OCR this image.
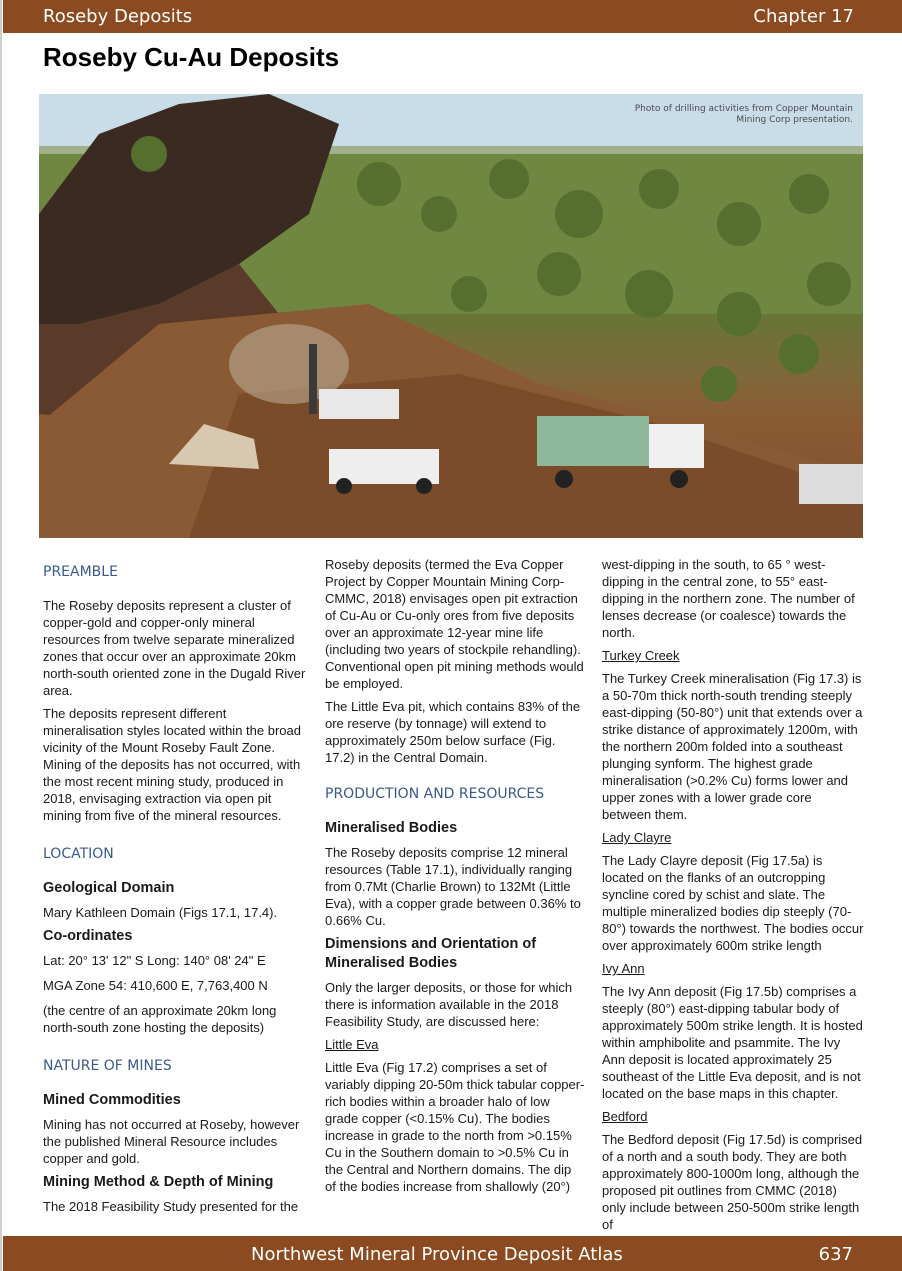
Roseby Deposits	Chapter 17
Roseby Cu-Au Deposits
Photo of drilling activities from Copper Mountain Mining Corp presentation.
PREAMBLE

The Roseby deposits represent a cluster of copper-gold and copper-only mineral resources from twelve separate mineralized zones that occur over an approximate 20km north-south oriented zone in the Dugald River area.

The deposits represent different mineralisation styles located within the broad vicinity of the Mount Roseby Fault Zone. Mining of the deposits has not occurred, with the most recent mining study, produced in 2018, envisaging extraction via open pit mining from five of the mineral resources.

LOCATION
Geological Domain

Mary Kathleen Domain (Figs 17.1, 17.4).

Co-ordinates

Lat: 20° 13' 12" S Long: 140° 08' 24" E

MGA Zone 54: 410,600 E, 7,763,400 N

(the centre of an approximate 20km long north-south zone hosting the deposits)

NATURE OF MINES
Mined Commodities

Mining has not occurred at Roseby, however the published Mineral Resource includes copper and gold.

Mining Method & Depth of Mining

The 2018 Feasibility Study presented for the

Roseby deposits (termed the Eva Copper Project by Copper Mountain Mining Corp-CMMC, 2018) envisages open pit extraction of Cu-Au or Cu-only ores from five deposits over an approximate 12-year mine life (including two years of stockpile rehandling). Conventional open pit mining methods would be employed.

The Little Eva pit, which contains 83% of the ore reserve (by tonnage) will extend to approximately 250m below surface (Fig. 17.2) in the Central Domain.

PRODUCTION AND RESOURCES
Mineralised Bodies

The Roseby deposits comprise 12 mineral resources (Table 17.1), individually ranging from 0.7Mt (Charlie Brown) to 132Mt (Little Eva), with a copper grade between 0.36% to 0.66% Cu.

Dimensions and Orientation of Mineralised Bodies

Only the larger deposits, or those for which there is information available in the 2018 Feasibility Study, are discussed here:

Little Eva

Little Eva (Fig 17.2) comprises a set of variably dipping 20-50m thick tabular copper-rich bodies within a broader halo of low grade copper (<0.15% Cu). The bodies increase in grade to the north from >0.15% Cu in the Southern domain to >0.5% Cu in the Central and Northern domains. The dip of the bodies increase from shallowly (20°)

west-dipping in the south, to 65 ° west-dipping in the central zone, to 55° east-dipping in the northern zone. The number of lenses decrease (or coalesce) towards the north.

Turkey Creek

The Turkey Creek mineralisation (Fig 17.3) is a 50-70m thick north-south trending steeply east-dipping (50-80°) unit that extends over a strike distance of approximately 1200m, with the northern 200m folded into a southeast plunging synform. The highest grade mineralisation (>0.2% Cu) forms lower and upper zones with a lower grade core between them.

Lady Clayre

The Lady Clayre deposit (Fig 17.5a) is located on the flanks of an outcropping syncline cored by schist and slate. The multiple mineralized bodies dip steeply (70-80°) towards the northwest. The bodies occur over approximately 600m strike length

Ivy Ann

The Ivy Ann deposit (Fig 17.5b) comprises a steeply (80°) east-dipping tabular body of approximately 500m strike length. It is hosted within amphibolite and psammite. The Ivy Ann deposit is located approximately 25 southeast of the Little Eva deposit, and is not located on the base maps in this chapter.

Bedford

The Bedford deposit (Fig 17.5d) is comprised of a north and a south body. They are both approximately 800-1000m long, although the proposed pit outlines from CMMC (2018) only include between 250-500m strike length of

Northwest Mineral Province Deposit Atlas	637
